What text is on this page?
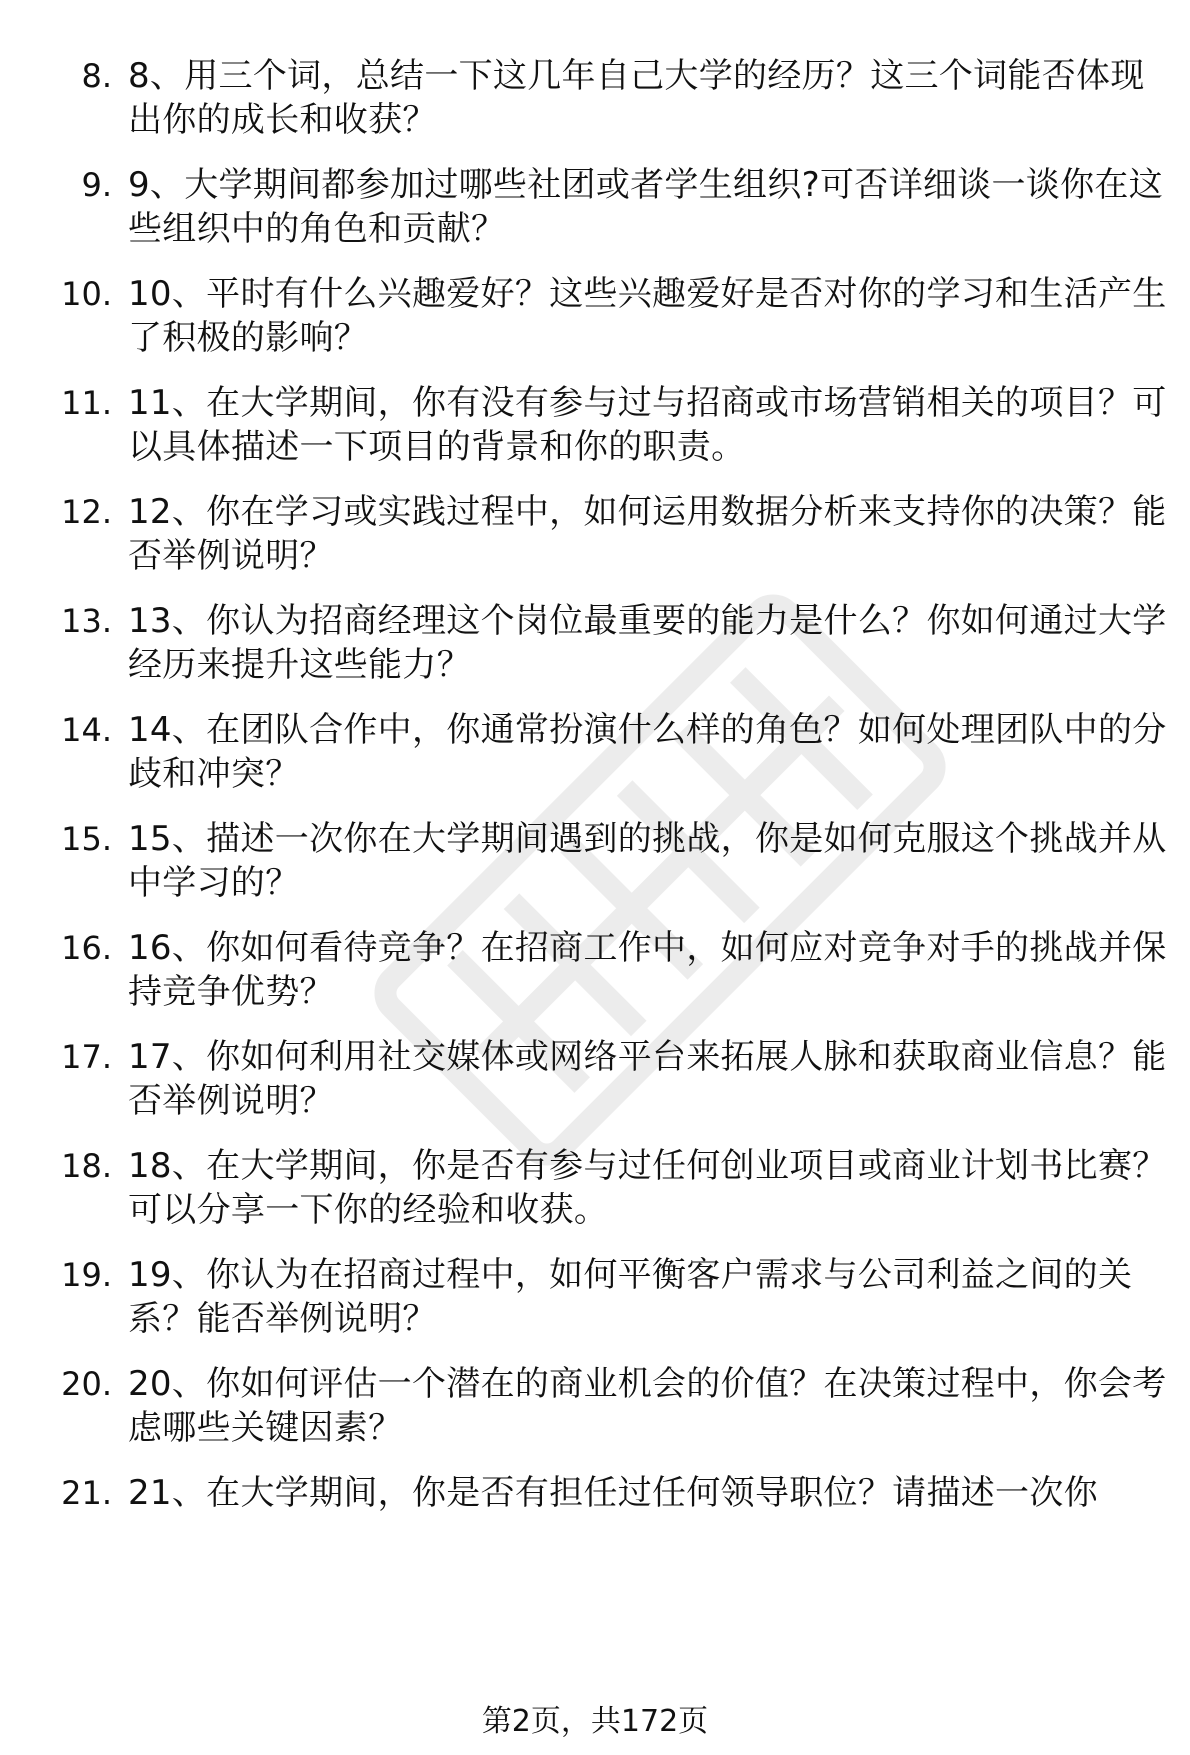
8. 8、用三个词，总结一下这几年自己大学的经历？这三个词能否体现出你的成长和收获？
9. 9、大学期间都参加过哪些社团或者学生组织?可否详细谈一谈你在这些组织中的角色和贡献？
10. 10、平时有什么兴趣爱好？这些兴趣爱好是否对你的学习和生活产生了积极的影响？
11. 11、在大学期间，你有没有参与过与招商或市场营销相关的项目？可以具体描述一下项目的背景和你的职责。
12. 12、你在学习或实践过程中，如何运用数据分析来支持你的决策？能否举例说明？
13. 13、你认为招商经理这个岗位最重要的能力是什么？你如何通过大学经历来提升这些能力？
14. 14、在团队合作中，你通常扮演什么样的角色？如何处理团队中的分歧和冲突？
15. 15、描述一次你在大学期间遇到的挑战，你是如何克服这个挑战并从中学习的？
16. 16、你如何看待竞争？在招商工作中，如何应对竞争对手的挑战并保持竞争优势？
17. 17、你如何利用社交媒体或网络平台来拓展人脉和获取商业信息？能否举例说明？
18. 18、在大学期间，你是否有参与过任何创业项目或商业计划书比赛？可以分享一下你的经验和收获。
19. 19、你认为在招商过程中，如何平衡客户需求与公司利益之间的关系？能否举例说明？
20. 20、你如何评估一个潜在的商业机会的价值？在决策过程中，你会考虑哪些关键因素？
21. 21、在大学期间，你是否有担任过任何领导职位？请描述一次你
第2页，共172页
